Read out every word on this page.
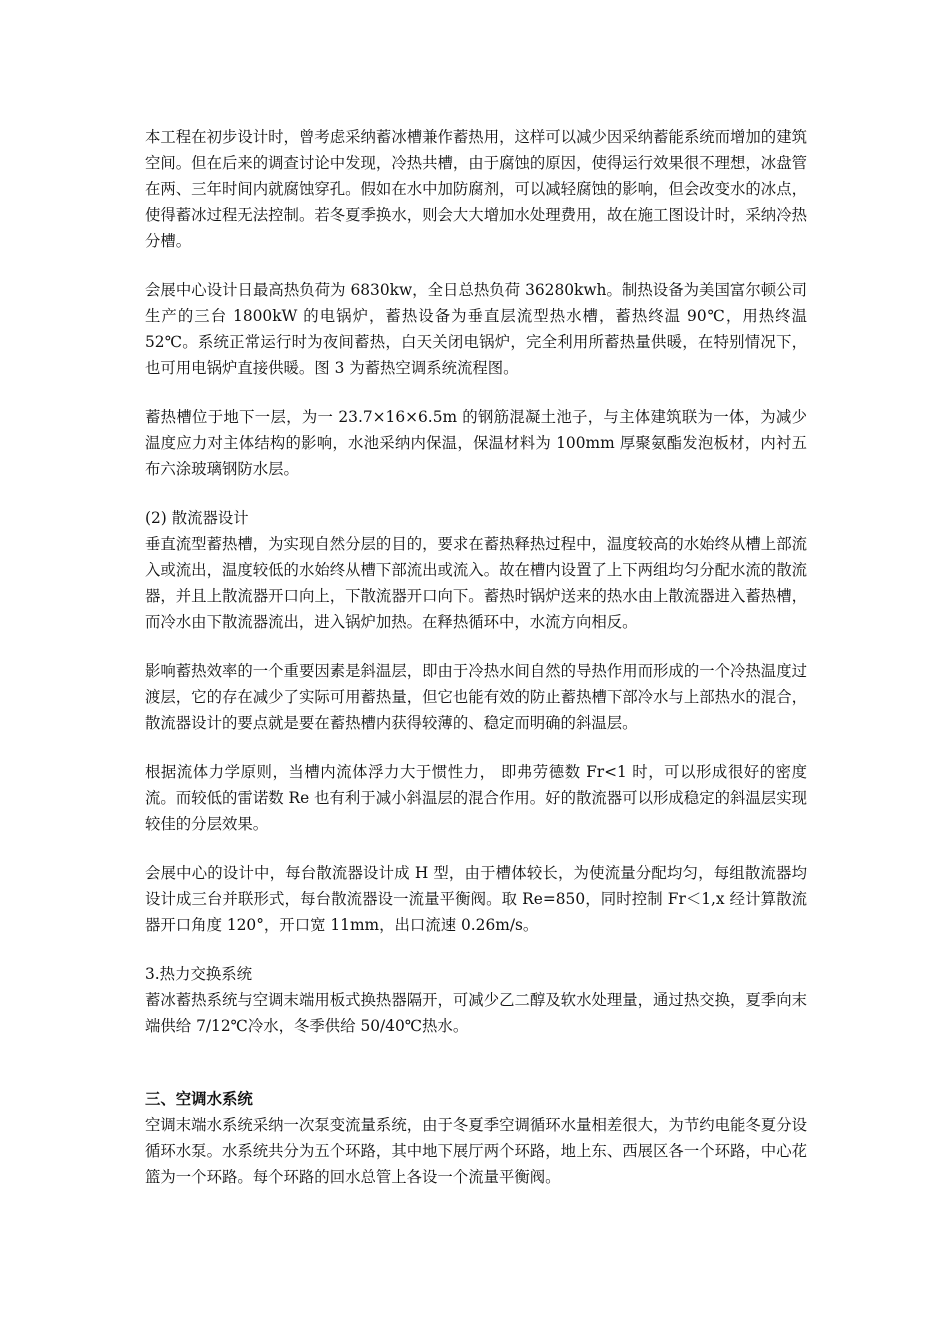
本工程在初步设计时，曾考虑采纳蓄冰槽兼作蓄热用，这样可以减少因采纳蓄能系统而增加的建筑空间。但在后来的调查讨论中发现，冷热共槽，由于腐蚀的原因，使得运行效果很不理想，冰盘管在两、三年时间内就腐蚀穿孔。假如在水中加防腐剂，可以减轻腐蚀的影响，但会改变水的冰点，使得蓄冰过程无法控制。若冬夏季换水，则会大大增加水处理费用，故在施工图设计时，采纳冷热分槽。

会展中心设计日最高热负荷为 6830kw，全日总热负荷 36280kwh。制热设备为美国富尔顿公司生产的三台 1800kW 的电锅炉，蓄热设备为垂直层流型热水槽，蓄热终温 90℃，用热终温 52℃。系统正常运行时为夜间蓄热，白天关闭电锅炉，完全利用所蓄热量供暖，在特别情况下，也可用电锅炉直接供暖。图 3 为蓄热空调系统流程图。

蓄热槽位于地下一层，为一 23.7×16×6.5m 的钢筋混凝土池子，与主体建筑联为一体，为减少温度应力对主体结构的影响，水池采纳内保温，保温材料为 100mm 厚聚氨酯发泡板材，内衬五布六涂玻璃钢防水层。

(2) 散流器设计

垂直流型蓄热槽，为实现自然分层的目的，要求在蓄热释热过程中，温度较高的水始终从槽上部流入或流出，温度较低的水始终从槽下部流出或流入。故在槽内设置了上下两组均匀分配水流的散流器，并且上散流器开口向上，下散流器开口向下。蓄热时锅炉送来的热水由上散流器进入蓄热槽，而冷水由下散流器流出，进入锅炉加热。在释热循环中，水流方向相反。

影响蓄热效率的一个重要因素是斜温层，即由于冷热水间自然的导热作用而形成的一个冷热温度过渡层，它的存在减少了实际可用蓄热量，但它也能有效的防止蓄热槽下部冷水与上部热水的混合，散流器设计的要点就是要在蓄热槽内获得较薄的、稳定而明确的斜温层。

根据流体力学原则，当槽内流体浮力大于惯性力， 即弗劳德数 Fr<1 时，可以形成很好的密度流。而较低的雷诺数 Re 也有利于减小斜温层的混合作用。好的散流器可以形成稳定的斜温层实现较佳的分层效果。

会展中心的设计中，每台散流器设计成 H 型，由于槽体较长，为使流量分配均匀，每组散流器均设计成三台并联形式，每台散流器设一流量平衡阀。取 Re=850，同时控制 Fr＜1,x 经计算散流器开口角度 120°，开口宽 11mm，出口流速 0.26m/s。

3.热力交换系统

蓄冰蓄热系统与空调末端用板式换热器隔开，可减少乙二醇及软水处理量，通过热交换，夏季向末端供给 7/12℃冷水，冬季供给 50/40℃热水。

三、空调水系统

空调末端水系统采纳一次泵变流量系统，由于冬夏季空调循环水量相差很大，为节约电能冬夏分设循环水泵。水系统共分为五个环路，其中地下展厅两个环路，地上东、西展区各一个环路，中心花篮为一个环路。每个环路的回水总管上各设一个流量平衡阀。
